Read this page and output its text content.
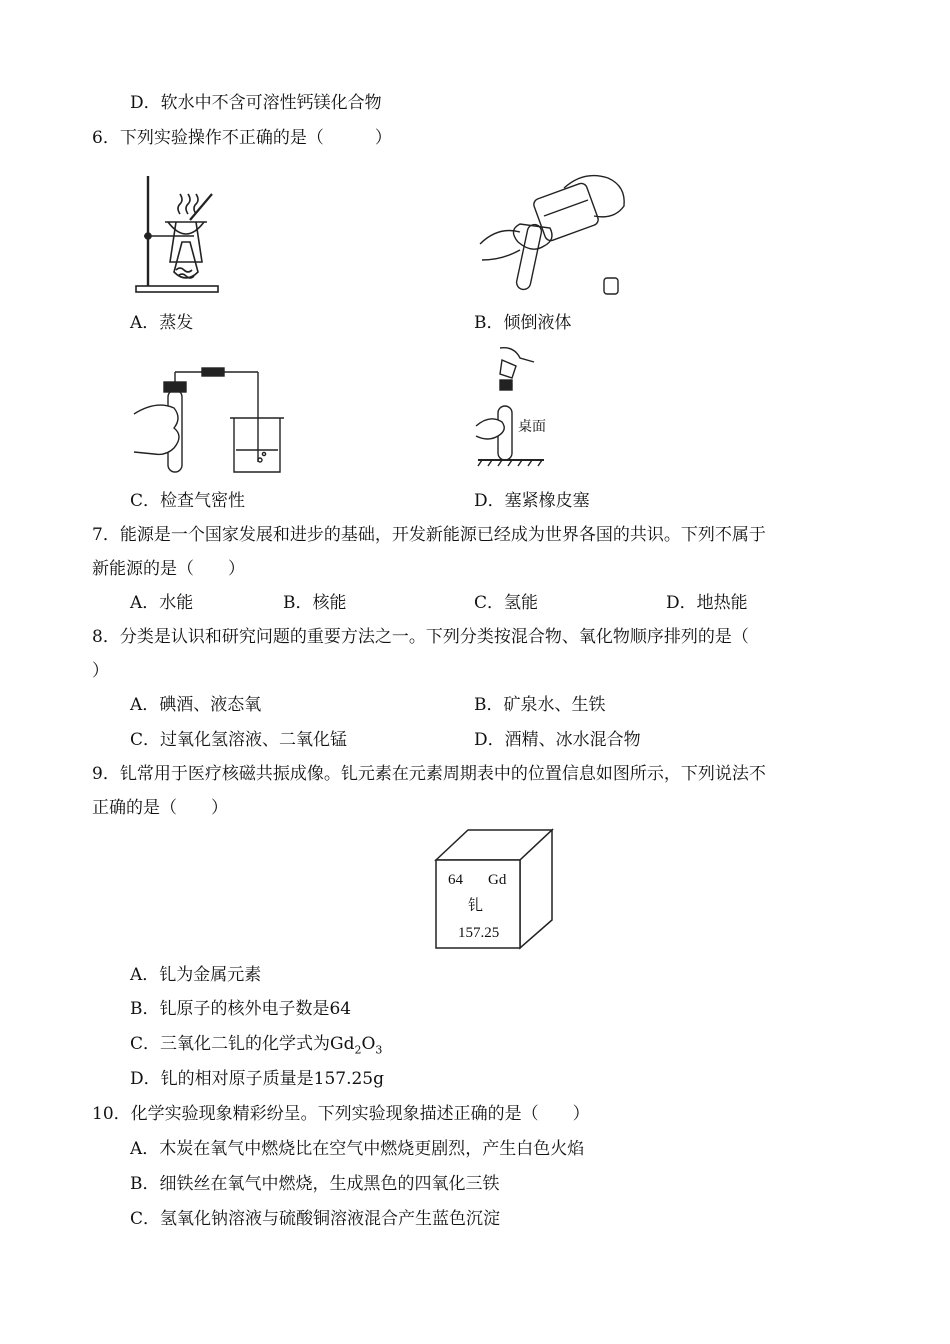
D．软水中不含可溶性钙镁化合物
6．下列实验操作不正确的是（　　　）
A．蒸发	B．倾倒液体
桌面
C．检查气密性	D．塞紧橡皮塞
7．能源是一个国家发展和进步的基础，开发新能源已经成为世界各国的共识。下列不属于
新能源的是（　　）
A．水能	B．核能	C．氢能	D．地热能
8．分类是认识和研究问题的重要方法之一。下列分类按混合物、氧化物顺序排列的是（
）
A．碘酒、液态氧	B．矿泉水、生铁
C．过氧化氢溶液、二氧化锰	D．酒精、冰水混合物
9．钆常用于医疗核磁共振成像。钆元素在元素周期表中的位置信息如图所示，下列说法不
正确的是（　　）
64 Gd
钆
157.25
A．钆为金属元素
B．钆原子的核外电子数是64
C．三氧化二钆的化学式为$Gd_2O_3$
D．钆的相对原子质量是157.25g
10．化学实验现象精彩纷呈。下列实验现象描述正确的是（　　）
A．木炭在氧气中燃烧比在空气中燃烧更剧烈，产生白色火焰
B．细铁丝在氧气中燃烧，生成黑色的四氧化三铁
C．氢氧化钠溶液与硫酸铜溶液混合产生蓝色沉淀
